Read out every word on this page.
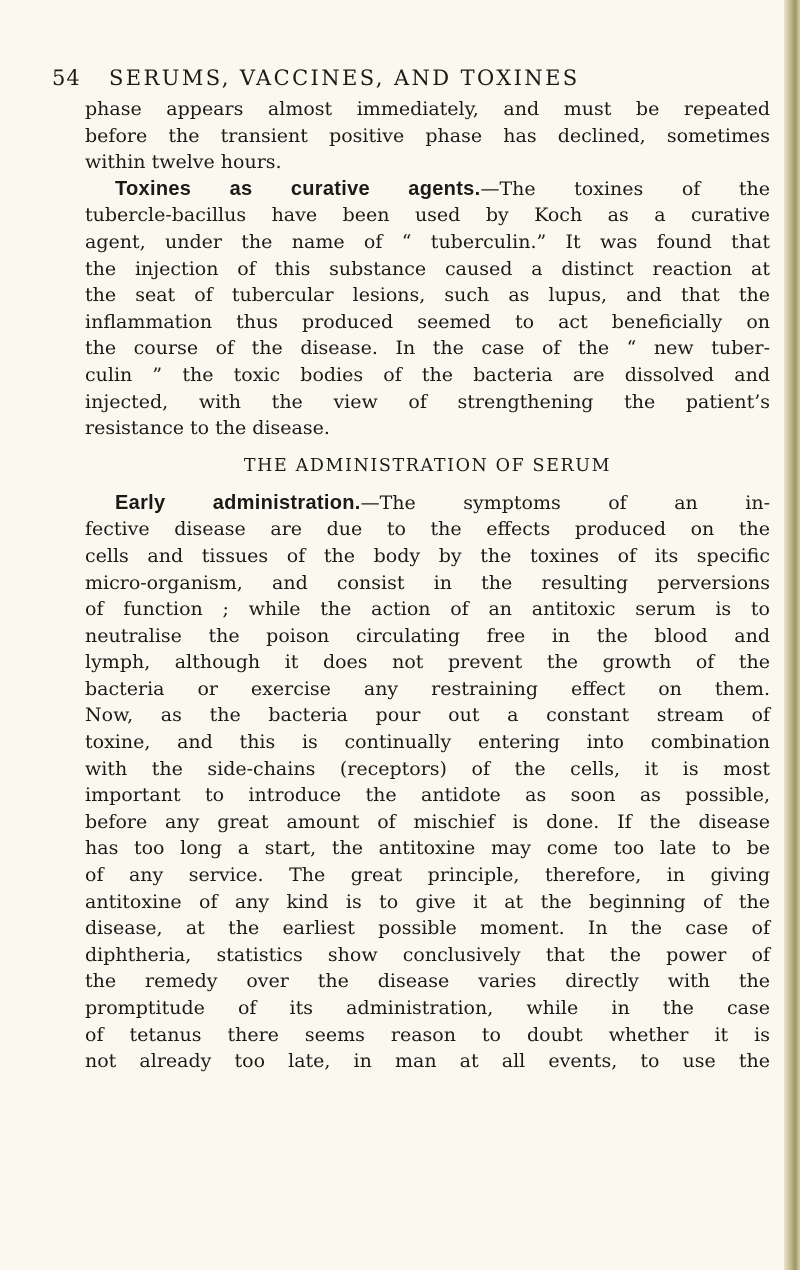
54 SERUMS, VACCINES, AND TOXINES
phase appears almost immediately, and must be repeated
before the transient positive phase has declined, sometimes
within twelve hours.
Toxines as curative agents.—The toxines of the
tubercle-bacillus have been used by Koch as a curative
agent, under the name of “ tuberculin.” It was found that
the injection of this substance caused a distinct reaction at
the seat of tubercular lesions, such as lupus, and that the
inflammation thus produced seemed to act beneficially on
the course of the disease. In the case of the “ new tuber-
culin ” the toxic bodies of the bacteria are dissolved and
injected, with the view of strengthening the patient’s
resistance to the disease.
THE ADMINISTRATION OF SERUM
Early administration.—The symptoms of an in-
fective disease are due to the effects produced on the
cells and tissues of the body by the toxines of its specific
micro-organism, and consist in the resulting perversions
of function ; while the action of an antitoxic serum is to
neutralise the poison circulating free in the blood and
lymph, although it does not prevent the growth of the
bacteria or exercise any restraining effect on them.
Now, as the bacteria pour out a constant stream of
toxine, and this is continually entering into combination
with the side-chains (receptors) of the cells, it is most
important to introduce the antidote as soon as possible,
before any great amount of mischief is done. If the disease
has too long a start, the antitoxine may come too late to be
of any service. The great principle, therefore, in giving
antitoxine of any kind is to give it at the beginning of the
disease, at the earliest possible moment. In the case of
diphtheria, statistics show conclusively that the power of
the remedy over the disease varies directly with the
promptitude of its administration, while in the case
of tetanus there seems reason to doubt whether it is
not already too late, in man at all events, to use the
